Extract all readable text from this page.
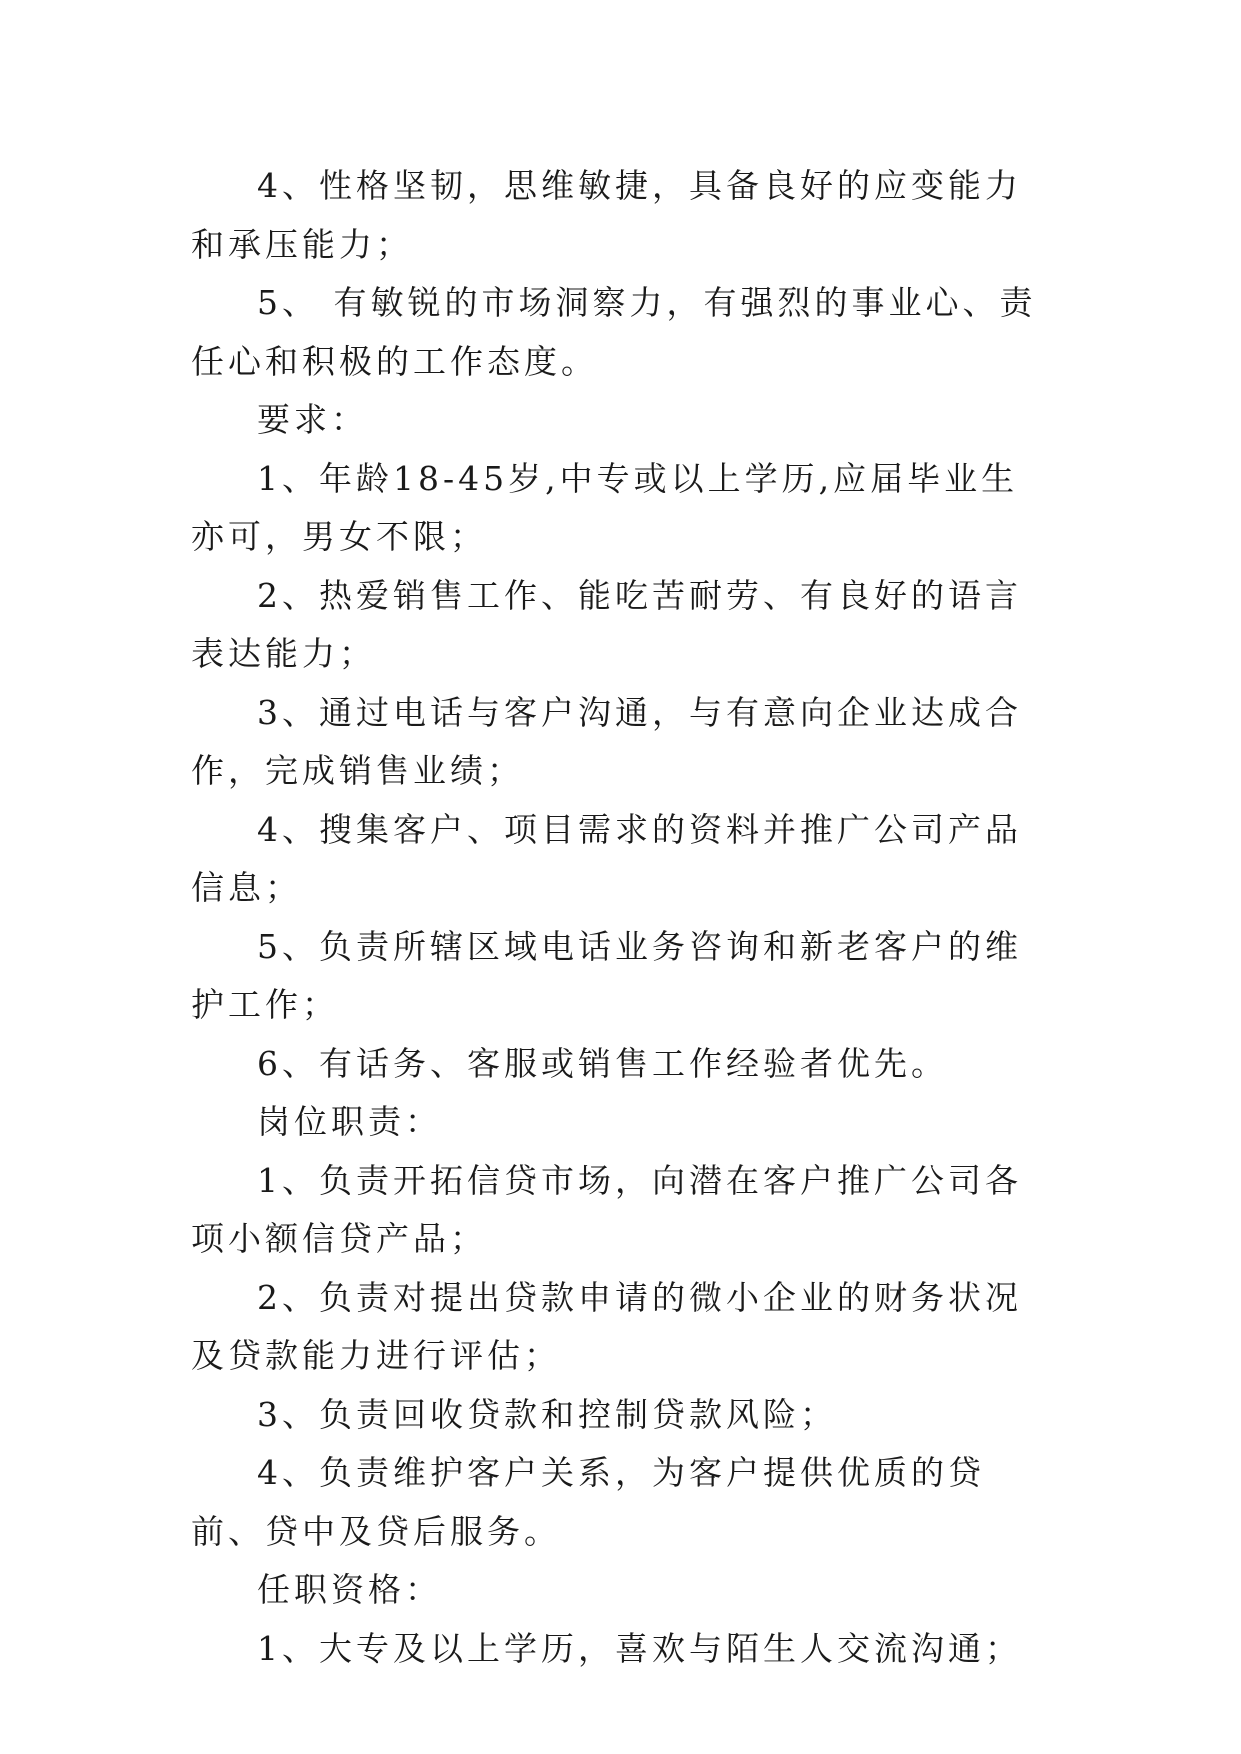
4、性格坚韧，思维敏捷，具备良好的应变能力和承压能力；

5、 有敏锐的市场洞察力，有强烈的事业心、责任心和积极的工作态度。

要求：

1、年龄18-45岁,中专或以上学历,应届毕业生亦可，男女不限；

2、热爱销售工作、能吃苦耐劳、有良好的语言表达能力；

3、通过电话与客户沟通，与有意向企业达成合作，完成销售业绩；

4、搜集客户、项目需求的资料并推广公司产品信息；

5、负责所辖区域电话业务咨询和新老客户的维护工作；

6、有话务、客服或销售工作经验者优先。

岗位职责：

1、负责开拓信贷市场，向潜在客户推广公司各项小额信贷产品；

2、负责对提出贷款申请的微小企业的财务状况及贷款能力进行评估；

3、负责回收贷款和控制贷款风险；

4、负责维护客户关系，为客户提供优质的贷前、贷中及贷后服务。

任职资格：

1、大专及以上学历，喜欢与陌生人交流沟通；
